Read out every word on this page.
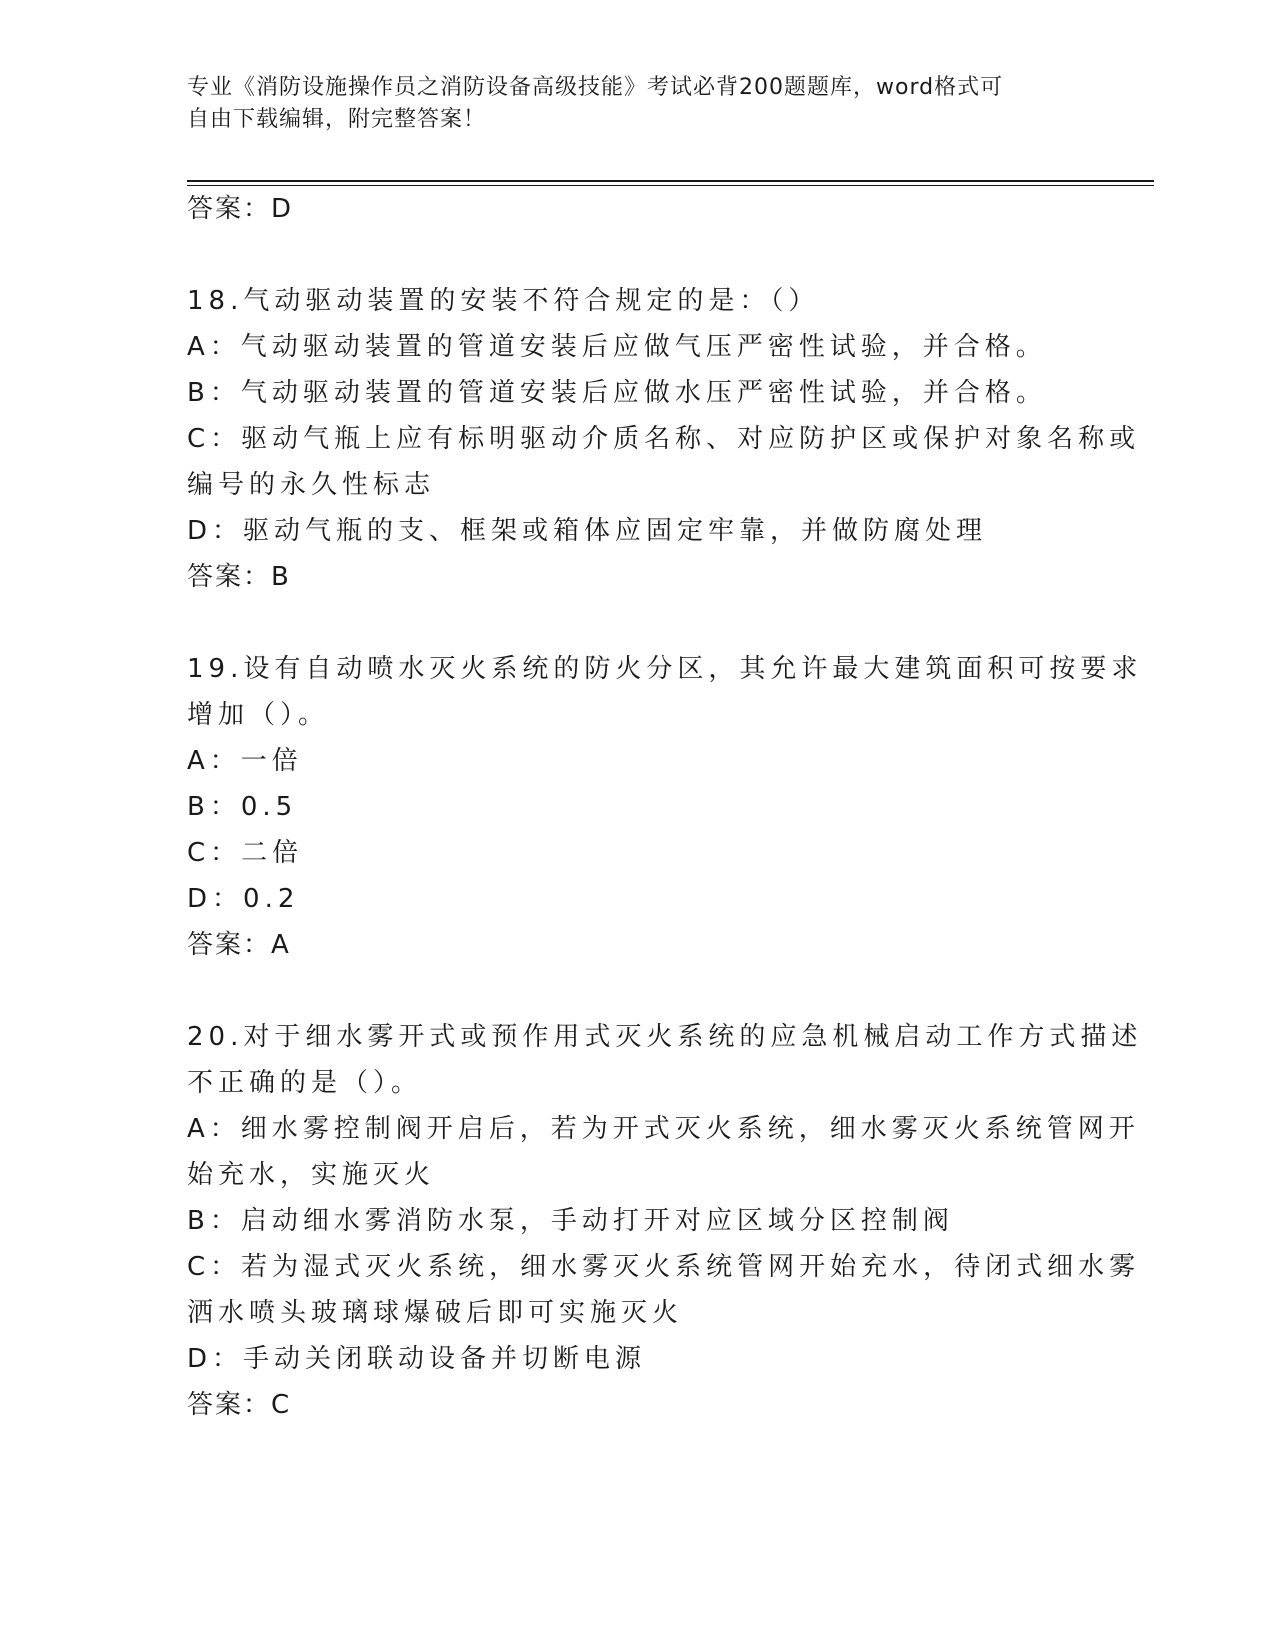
专业《消防设施操作员之消防设备高级技能》考试必背200题题库，word格式可
自由下载编辑，附完整答案！
答案：D
18.气动驱动装置的安装不符合规定的是：（）
A：气动驱动装置的管道安装后应做气压严密性试验，并合格。
B：气动驱动装置的管道安装后应做水压严密性试验，并合格。
C：驱动气瓶上应有标明驱动介质名称、对应防护区或保护对象名称或
编号的永久性标志
D：驱动气瓶的支、框架或箱体应固定牢靠，并做防腐处理
答案：B
19.设有自动喷水灭火系统的防火分区，其允许最大建筑面积可按要求
增加（）。
A：一倍
B：0.5
C：二倍
D：0.2
答案：A
20.对于细水雾开式或预作用式灭火系统的应急机械启动工作方式描述
不正确的是（）。
A：细水雾控制阀开启后，若为开式灭火系统，细水雾灭火系统管网开
始充水，实施灭火
B：启动细水雾消防水泵，手动打开对应区域分区控制阀
C：若为湿式灭火系统，细水雾灭火系统管网开始充水，待闭式细水雾
洒水喷头玻璃球爆破后即可实施灭火
D：手动关闭联动设备并切断电源
答案：C
